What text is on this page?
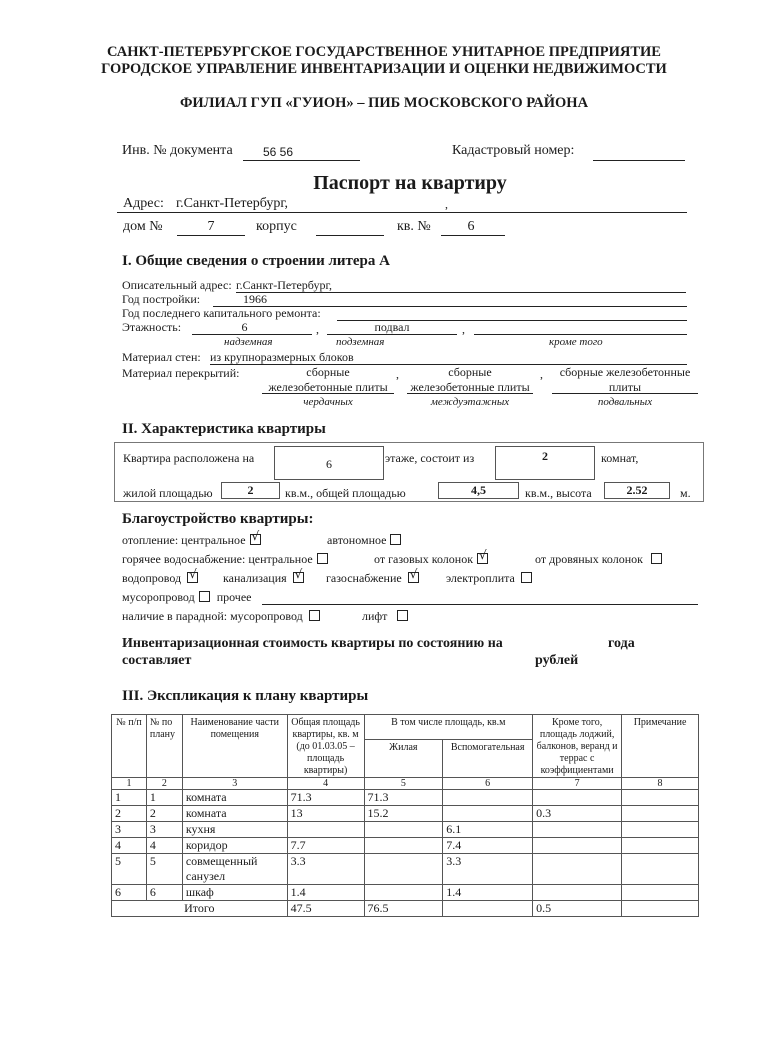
САНКТ-ПЕТЕРБУРГСКОЕ ГОСУДАРСТВЕННОЕ УНИТАРНОЕ ПРЕДПРИЯТИЕ
ГОРОДСКОЕ УПРАВЛЕНИЕ ИНВЕНТАРИЗАЦИИ И ОЦЕНКИ НЕДВИЖИМОСТИ
ФИЛИАЛ ГУП «ГУИОН» – ПИБ МОСКОВСКОГО РАЙОНА
Инв. № документа	56 56	Кадастровый номер:
Паспорт на квартиру
Адрес: г.Санкт-Петербург,	,
дом №	7	корпус	кв. №	6
I. Общие сведения о строении литера А
Описательный адрес: г.Санкт-Петербург,
Год постройки:	1966
Год последнего капитального ремонта:
Этажность:	6	,	подвал	,
надземная	подземная	кроме того
Материал стен: из крупноразмерных блоков
Материал перекрытий:	сборные
железобетонные плиты
,	сборные
железобетонные плиты
,	сборные железобетонные
плиты
чердачных	междуэтажных	подвальных
II. Характеристика квартиры
Квартира расположена на	6	этаже, состоит из	2	комнат,
жилой площадью	2	кв.м., общей площадью	4,5	кв.м., высота	2.52	м.
Благоустройство квартиры:
отопление: центральное √	автономное
горячее водоснабжение: центральное	от газовых колонок √	от дровяных колонок
водопровод √	канализация √	газоснабжение √	электроплита
мусоропровод прочее
наличие в парадной: мусоропровод	лифт
Инвентаризационная стоимость квартиры по состоянию на	года
составляет	рублей
III. Экспликация к плану квартиры
№ п/п	№ по плану	Наименование части помещения	Общая площадь квартиры, кв. м (до 01.03.05 – площадь квартиры)	В том числе площадь, кв.м		Кроме того, площадь лоджий, балконов, веранд и террас с коэффициентами	Примечание
				Жилая	Вспомогательная		
1	2	3	4	5	6	7	8
1	1	комната	71.3	71.3			
2	2	комната	13	15.2		0.3	
3	3	кухня			6.1		
4	4	коридор	7.7		7.4		
5	5	совмещенный санузел	3.3		3.3		
6	6	шкаф	1.4		1.4		
Итого			47.5	76.5		0.5	
